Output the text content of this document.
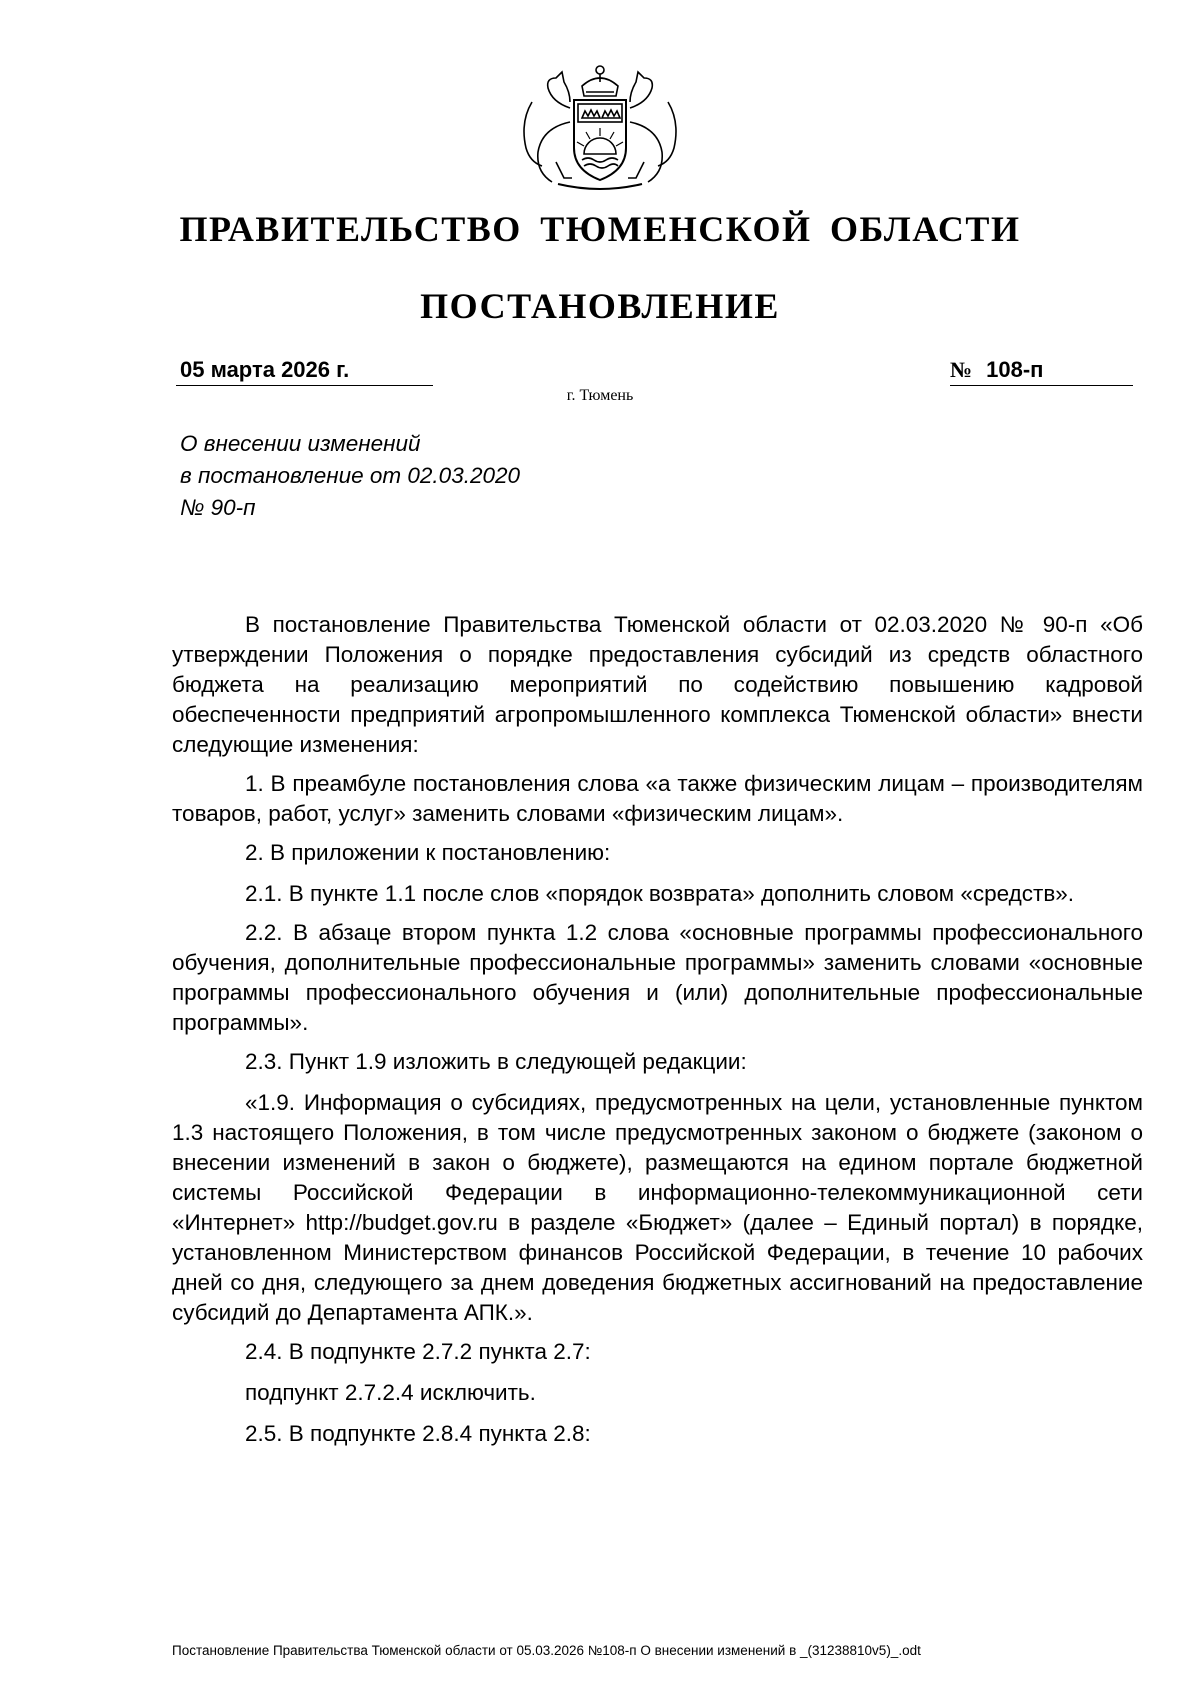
ПРАВИТЕЛЬСТВО ТЮМЕНСКОЙ ОБЛАСТИ
ПОСТАНОВЛЕНИЕ
05 марта 2026 г.	№ 108-п
г. Тюмень
О внесении изменений
в постановление от 02.03.2020
№ 90-п

В постановление Правительства Тюменской области от 02.03.2020 № 90-п «Об утверждении Положения о порядке предоставления субсидий из средств областного бюджета на реализацию мероприятий по содействию повышению кадровой обеспеченности предприятий агропромышленного комплекса Тюменской области» внести следующие изменения:

1. В преамбуле постановления слова «а также физическим лицам – производителям товаров, работ, услуг» заменить словами «физическим лицам».

2. В приложении к постановлению:

2.1. В пункте 1.1 после слов «порядок возврата» дополнить словом «средств».

2.2. В абзаце втором пункта 1.2 слова «основные программы профессионального обучения, дополнительные профессиональные программы» заменить словами «основные программы профессионального обучения и (или) дополнительные профессиональные программы».

2.3. Пункт 1.9 изложить в следующей редакции:

«1.9. Информация о субсидиях, предусмотренных на цели, установленные пунктом 1.3 настоящего Положения, в том числе предусмотренных законом о бюджете (законом о внесении изменений в закон о бюджете), размещаются на едином портале бюджетной системы Российской Федерации в информационно-телекоммуникационной сети «Интернет» http://budget.gov.ru в разделе «Бюджет» (далее – Единый портал) в порядке, установленном Министерством финансов Российской Федерации, в течение 10 рабочих дней со дня, следующего за днем доведения бюджетных ассигнований на предоставление субсидий до Департамента АПК.».

2.4. В подпункте 2.7.2 пункта 2.7:

подпункт 2.7.2.4 исключить.

2.5. В подпункте 2.8.4 пункта 2.8:

Постановление Правительства Тюменской области от 05.03.2026 №108-п О внесении изменений в _(31238810v5)_.odt
